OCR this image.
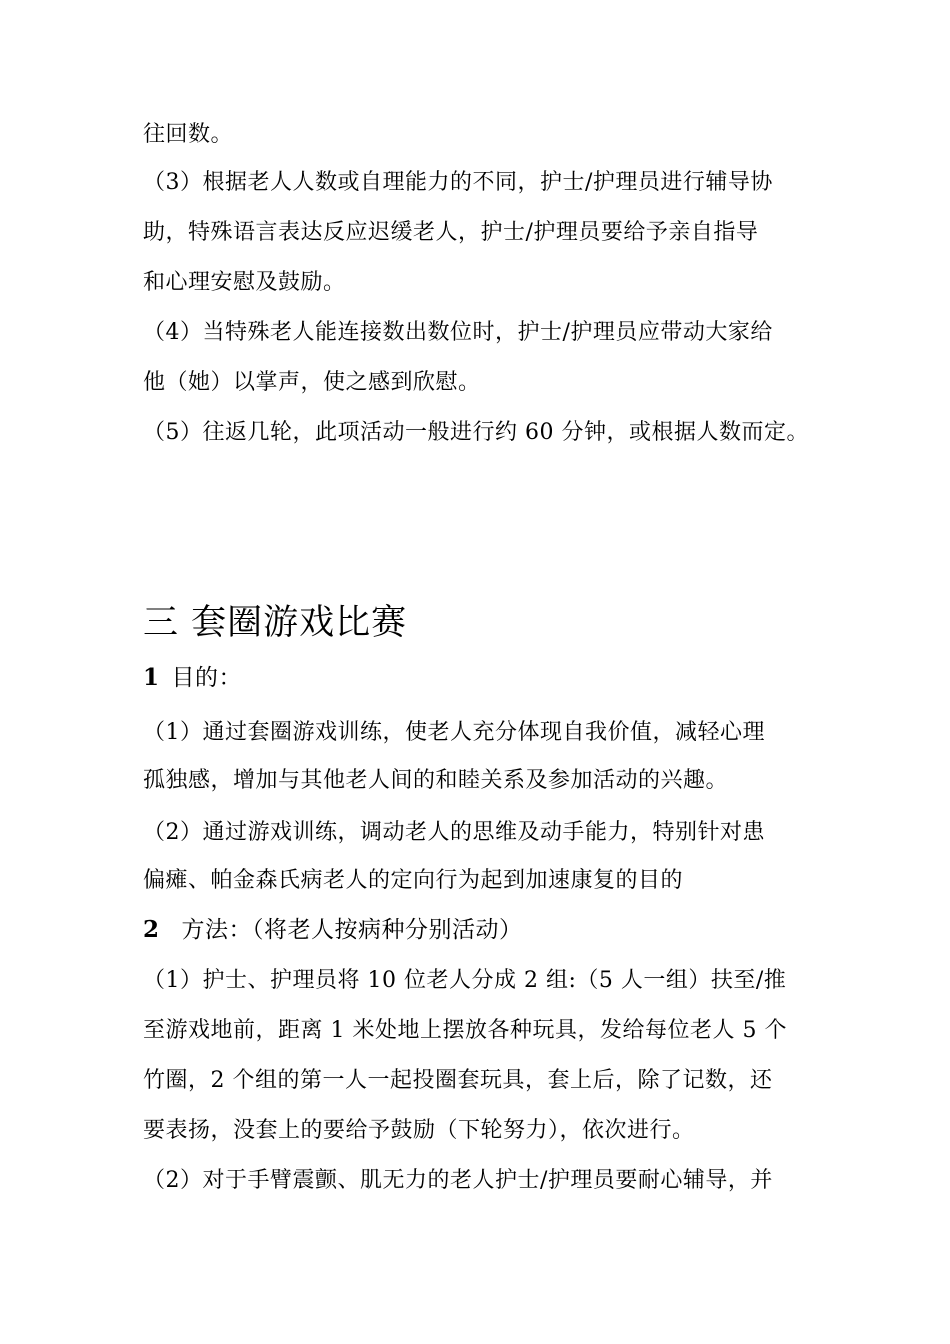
往回数。
（3）根据老人人数或自理能力的不同，护士/护理员进行辅导协
助，特殊语言表达反应迟缓老人，护士/护理员要给予亲自指导
和心理安慰及鼓励。
（4）当特殊老人能连接数出数位时，护士/护理员应带动大家给
他（她）以掌声，使之感到欣慰。
（5）往返几轮，此项活动一般进行约 60 分钟，或根据人数而定。
三 套圈游戏比赛
1 目的：
（1）通过套圈游戏训练，使老人充分体现自我价值，减轻心理
孤独感，增加与其他老人间的和睦关系及参加活动的兴趣。
（2）通过游戏训练，调动老人的思维及动手能力，特别针对患
偏瘫、帕金森氏病老人的定向行为起到加速康复的目的
2 方法：（将老人按病种分别活动）
（1）护士、护理员将 10 位老人分成 2 组:（5 人一组）扶至/推
至游戏地前，距离 1 米处地上摆放各种玩具，发给每位老人 5 个
竹圈，2 个组的第一人一起投圈套玩具，套上后，除了记数，还
要表扬，没套上的要给予鼓励（下轮努力），依次进行。
（2）对于手臂震颤、肌无力的老人护士/护理员要耐心辅导，并
